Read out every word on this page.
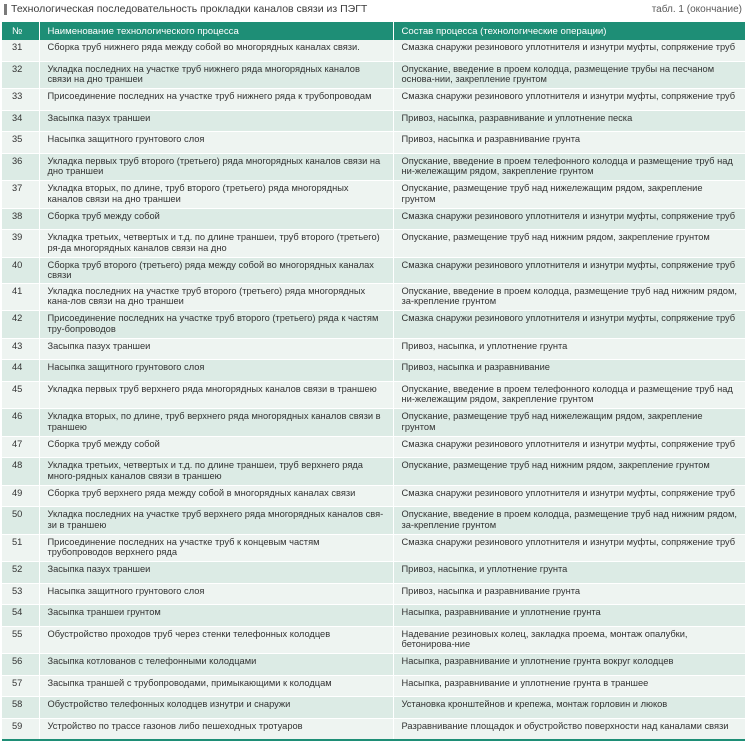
Технологическая последовательность прокладки каналов связи из ПЭГТ	табл. 1 (окончание)
№	Наименование технологического процесса	Состав процесса (технологические операции)
31	Сборка труб нижнего ряда между собой во многорядных каналах связи.	Смазка снаружи резинового уплотнителя и изнутри муфты, сопряжение труб
32	Укладка последних на участке труб нижнего ряда многорядных каналов связи на дно траншеи	Опускание, введение в проем колодца, размещение трубы на песчаном основа-нии, закрепление грунтом
33	Присоединение последних на участке труб нижнего ряда к трубопроводам	Смазка снаружи резинового уплотнителя и изнутри муфты, сопряжение труб
34	Засыпка пазух траншеи	Привоз, насыпка, разравнивание и уплотнение песка
35	Насыпка защитного грунтового слоя	Привоз, насыпка и разравнивание грунта
36	Укладка первых труб второго (третьего) ряда многорядных каналов связи на дно траншеи	Опускание, введение в проем телефонного колодца и размещение труб над ни-жележащим рядом, закрепление грунтом
37	Укладка вторых, по длине, труб второго (третьего) ряда многорядных каналов связи на дно траншеи	Опускание, размещение труб над нижележащим рядом, закрепление грунтом
38	Сборка труб между собой	Смазка снаружи резинового уплотнителя и изнутри муфты, сопряжение труб
39	Укладка третьих, четвертых и т.д. по длине траншеи, труб второго (третьего) ря-да многорядных каналов связи на дно	Опускание, размещение труб над нижним рядом, закрепление грунтом
40	Сборка труб второго (третьего) ряда между собой во многорядных каналах связи	Смазка снаружи резинового уплотнителя и изнутри муфты, сопряжение труб
41	Укладка последних на участке труб второго (третьего) ряда многорядных кана-лов связи на дно траншеи	Опускание, введение в проем колодца, размещение труб над нижним рядом, за-крепление грунтом
42	Присоединение последних на участке труб второго (третьего) ряда к частям тру-бопроводов	Смазка снаружи резинового уплотнителя и изнутри муфты, сопряжение труб
43	Засыпка пазух траншеи	Привоз, насыпка, и уплотнение грунта
44	Насыпка защитного грунтового слоя	Привоз, насыпка и разравнивание
45	Укладка первых труб верхнего ряда многорядных каналов связи в траншею	Опускание, введение в проем телефонного колодца и размещение труб над ни-жележащим рядом, закрепление грунтом
46	Укладка вторых, по длине, труб верхнего ряда многорядных каналов связи в траншею	Опускание, размещение труб над нижележащим рядом, закрепление грунтом
47	Сборка труб между собой	Смазка снаружи резинового уплотнителя и изнутри муфты, сопряжение труб
48	Укладка третьих, четвертых и т.д. по длине траншеи, труб верхнего ряда много-рядных каналов связи в траншею	Опускание, размещение труб над нижним рядом, закрепление грунтом
49	Сборка труб верхнего ряда между собой в многорядных каналах связи	Смазка снаружи резинового уплотнителя и изнутри муфты, сопряжение труб
50	Укладка последних на участке труб верхнего ряда многорядных каналов свя-зи в траншею	Опускание, введение в проем колодца, размещение труб над нижним рядом, за-крепление грунтом
51	Присоединение последних на участке труб к концевым частям трубопроводов верхнего ряда	Смазка снаружи резинового уплотнителя и изнутри муфты, сопряжение труб
52	Засыпка пазух траншеи	Привоз, насыпка, и уплотнение грунта
53	Насыпка защитного грунтового слоя	Привоз, насыпка и разравнивание грунта
54	Засыпка траншеи грунтом	Насыпка, разравнивание и уплотнение грунта
55	Обустройство проходов труб через стенки телефонных колодцев	Надевание резиновых колец, закладка проема, монтаж опалубки, бетонирова-ние
56	Засыпка котлованов с телефонными колодцами	Насыпка, разравнивание и уплотнение грунта вокруг колодцев
57	Засыпка траншей с трубопроводами, примыкающими к колодцам	Насыпка, разравнивание и уплотнение грунта в траншее
58	Обустройство телефонных колодцев изнутри и снаружи	Установка кронштейнов и крепежа, монтаж горловин и люков
59	Устройство по трассе газонов либо пешеходных тротуаров	Разравнивание площадок и обустройство поверхности над каналами связи
